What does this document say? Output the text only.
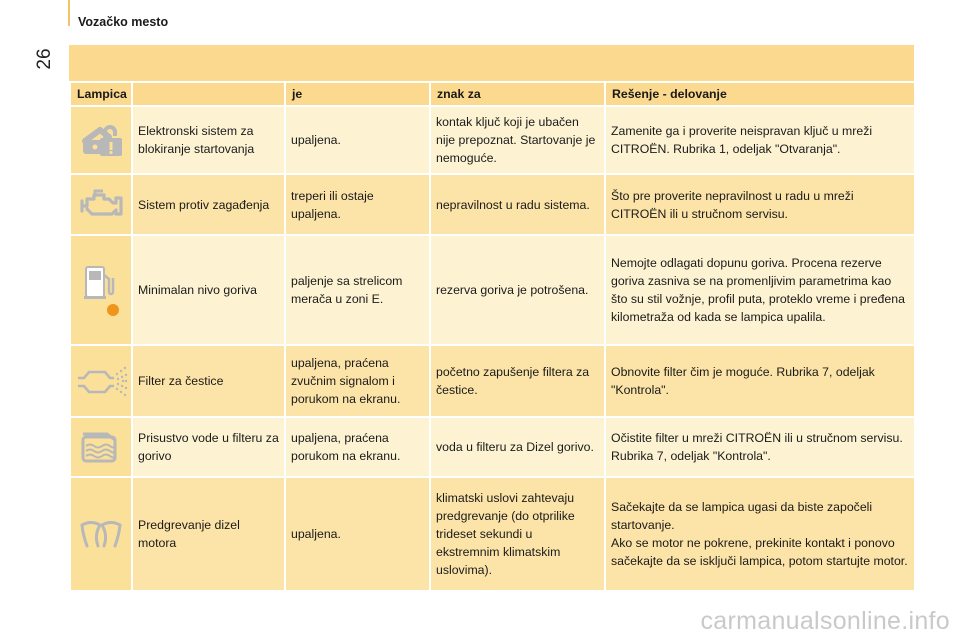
26
Vozačko mesto
Lampica		je	znak za	Rešenje - delovanje

	Elektronski sistem za blokiranje startovanja	upaljena.	kontak ključ koji je ubačen nije prepoznat. Startovanje je nemoguće.	Zamenite ga i proverite neispravan ključ u mreži CITROËN. Rubrika 1, odeljak "Otvaranja".

	Sistem protiv zagađenja	treperi ili ostaje upaljena.	nepravilnost u radu sistema.	Što pre proverite nepravilnost u radu u mreži CITROËN ili u stručnom servisu.

	Minimalan nivo goriva	paljenje sa strelicom merača u zoni E.	rezerva goriva je potrošena.	Nemojte odlagati dopunu goriva. Procena rezerve goriva zasniva se na promenljivim parametrima kao što su stil vožnje, profil puta, proteklo vreme i pređena kilometraža od kada se lampica upalila.

	Filter za čestice	upaljena, praćena zvučnim signalom i porukom na ekranu.	početno zapušenje filtera za čestice.	Obnovite filter čim je moguće. Rubrika 7, odeljak "Kontrola".

	Prisustvo vode u filteru za gorivo	upaljena, praćena porukom na ekranu.	voda u filteru za Dizel gorivo.	Očistite filter u mreži CITROËN ili u stručnom servisu. Rubrika 7, odeljak "Kontrola".

	Predgrevanje dizel motora	upaljena.	klimatski uslovi zahtevaju predgrevanje (do otprilike trideset sekundi u ekstremnim klimatskim uslovima).	Sačekajte da se lampica ugasi da biste započeli startovanje.
Ako se motor ne pokrene, prekinite kontakt i ponovo sačekajte da se isključi lampica, potom startujte motor.
carmanualsonline.info
